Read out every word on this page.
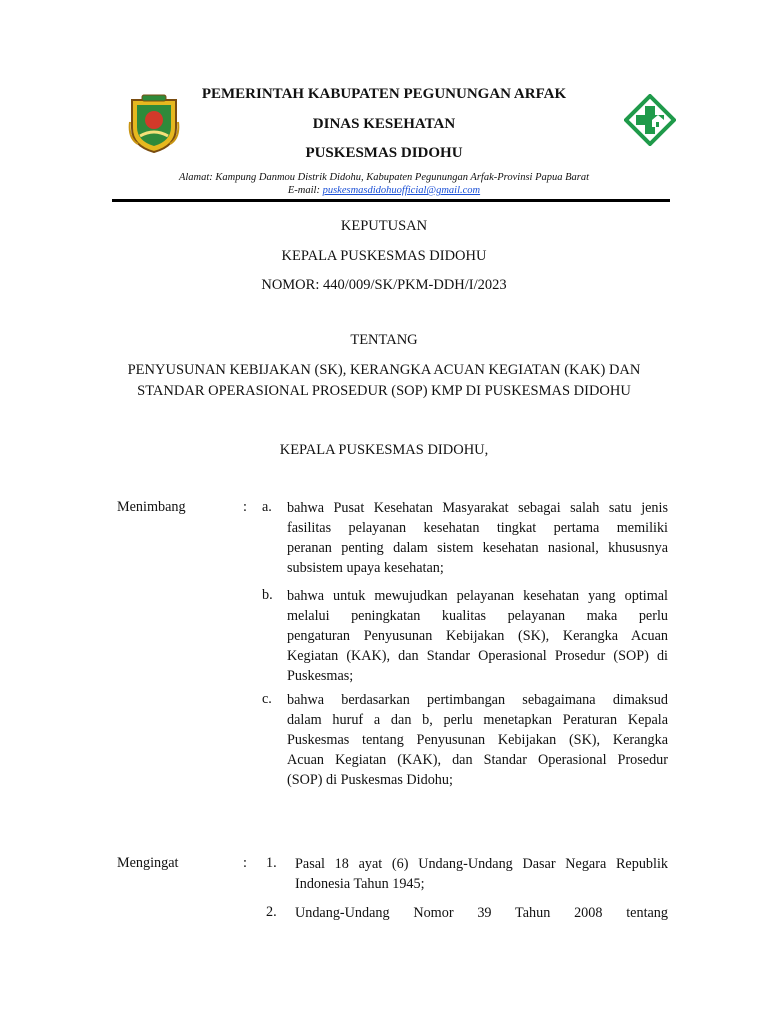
PEMERINTAH KABUPATEN PEGUNUNGAN ARFAK
DINAS KESEHATAN
PUSKESMAS DIDOHU
Alamat: Kampung Danmou Distrik Didohu, Kabupaten Pegunungan Arfak-Provinsi Papua Barat
E-mail: puskesmasdidohuofficial@gmail.com
KEPUTUSAN
KEPALA PUSKESMAS DIDOHU
NOMOR: 440/009/SK/PKM-DDH/I/2023
TENTANG
PENYUSUNAN KEBIJAKAN (SK), KERANGKA ACUAN KEGIATAN (KAK) DAN
STANDAR OPERASIONAL PROSEDUR (SOP) KMP DI PUSKESMAS DIDOHU
KEPALA PUSKESMAS DIDOHU,
Menimbang	: a. bahwa Pusat Kesehatan Masyarakat sebagai salah satu jenis
fasilitas pelayanan kesehatan tingkat pertama memiliki
peranan penting dalam sistem kesehatan nasional, khususnya
subsistem upaya kesehatan;
b. bahwa untuk mewujudkan pelayanan kesehatan yang optimal
melalui peningkatan kualitas pelayanan maka perlu
pengaturan Penyusunan Kebijakan (SK), Kerangka Acuan
Kegiatan (KAK), dan Standar Operasional Prosedur (SOP) di
Puskesmas;
c. bahwa berdasarkan pertimbangan sebagaimana dimaksud
dalam huruf a dan b, perlu menetapkan Peraturan Kepala
Puskesmas tentang Penyusunan Kebijakan (SK), Kerangka
Acuan Kegiatan (KAK), dan Standar Operasional Prosedur
(SOP) di Puskesmas Didohu;
Mengingat	: 1. Pasal 18 ayat (6) Undang-Undang Dasar Negara Republik
Indonesia Tahun 1945;
2. Undang-Undang Nomor 39 Tahun 2008 tentang
